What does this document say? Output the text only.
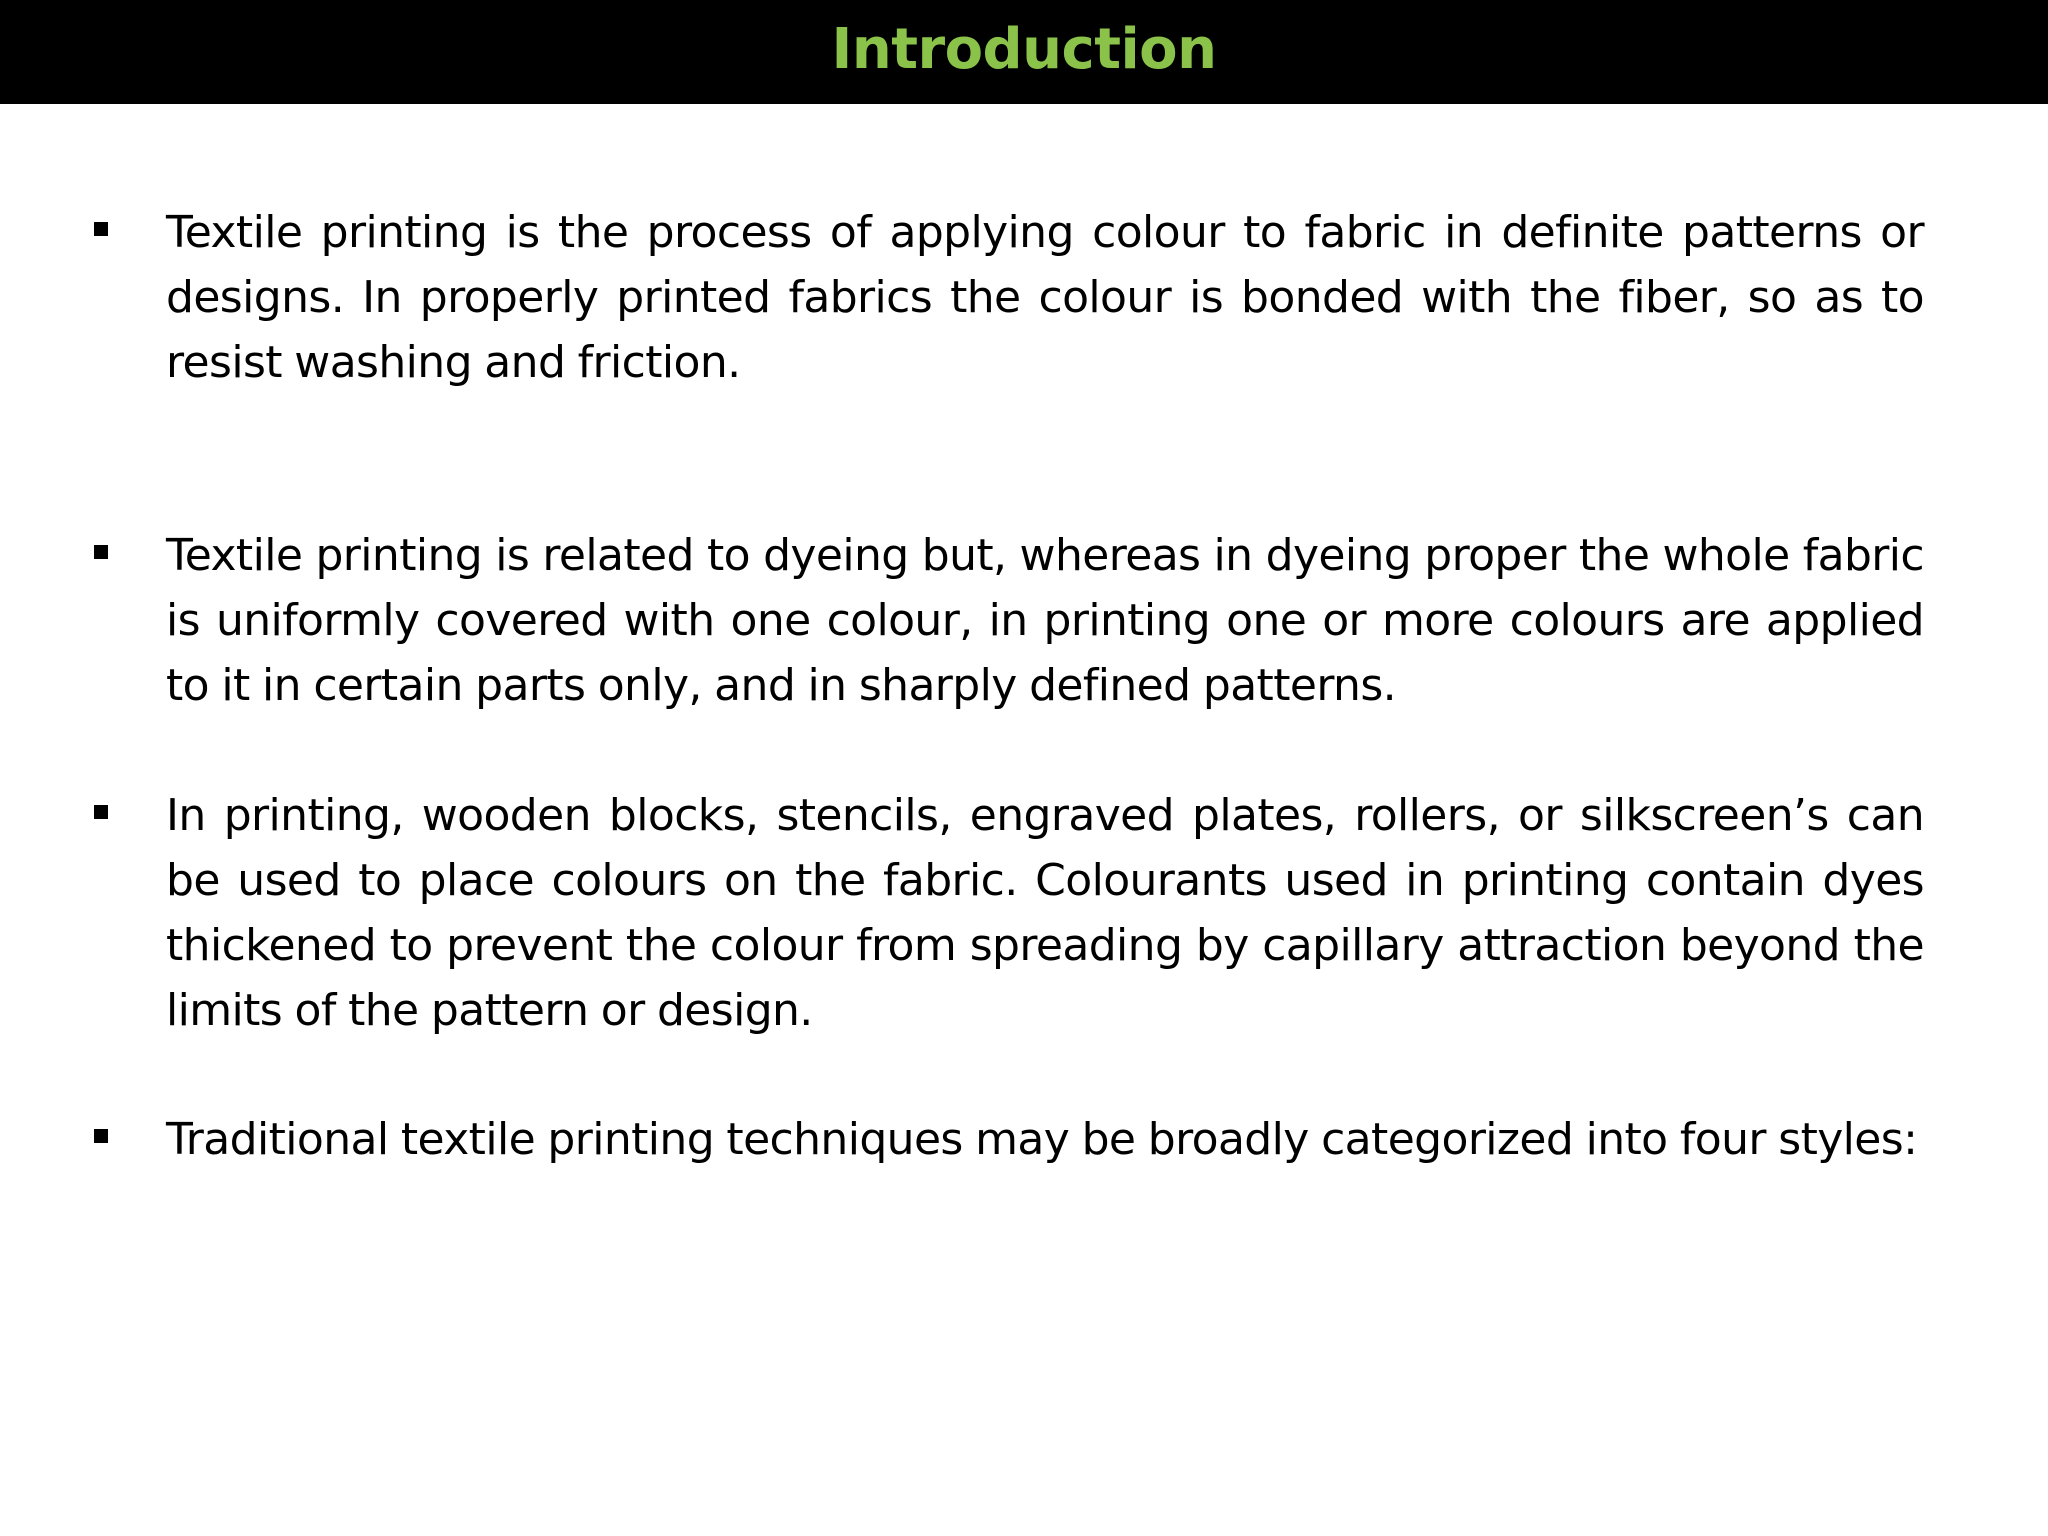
Introduction
Textile printing is the process of applying colour to fabric in definite patterns or designs. In properly printed fabrics the colour is bonded with the fiber, so as to resist washing and friction.
Textile printing is related to dyeing but, whereas in dyeing proper the whole fabric is uniformly covered with one colour, in printing one or more colours are applied to it in certain parts only, and in sharply defined patterns.
In printing, wooden blocks, stencils, engraved plates, rollers, or silkscreen’s can be used to place colours on the fabric. Colourants used in printing contain dyes thickened to prevent the colour from spreading by capillary attraction beyond the limits of the pattern or design.
Traditional textile printing techniques may be broadly categorized into four styles:
